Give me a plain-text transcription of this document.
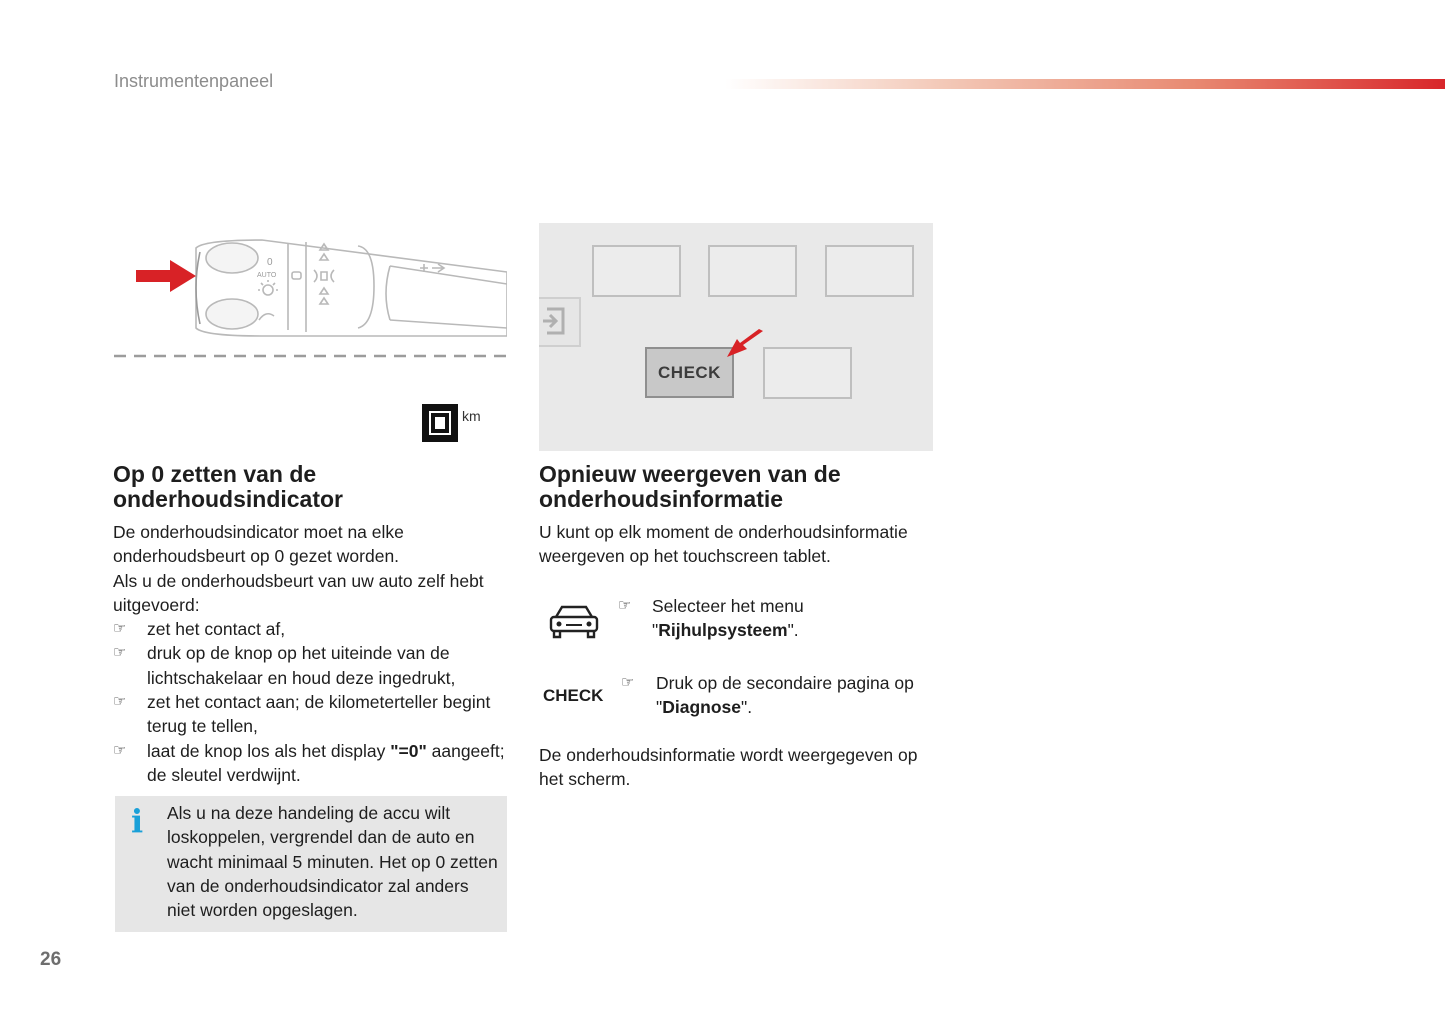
Instrumentenpaneel
0
AUTO
km
CHECK
Op 0 zetten van de onderhoudsindicator

De onderhoudsindicator moet na elke onderhoudsbeurt op 0 gezet worden.

Als u de onderhoudsbeurt van uw auto zelf hebt uitgevoerd:

☞ zet het contact af,
☞ druk op de knop op het uiteinde van de lichtschakelaar en houd deze ingedrukt,
☞ zet het contact aan; de kilometerteller begint terug te tellen,
☞ laat de knop los als het display "=0" aangeeft; de sleutel verdwijnt.
i Als u na deze handeling de accu wilt loskoppelen, vergrendel dan de auto en wacht minimaal 5 minuten. Het op 0 zetten van de onderhoudsindicator zal anders niet worden opgeslagen.
Opnieuw weergeven van de onderhoudsinformatie

U kunt op elk moment de onderhoudsinformatie weergeven op het touchscreen tablet.

☞ Selecteer het menu "Rijhulpsysteem".
CHECK
☞ Druk op de secondaire pagina op "Diagnose".
De onderhoudsinformatie wordt weergegeven op het scherm.
26
